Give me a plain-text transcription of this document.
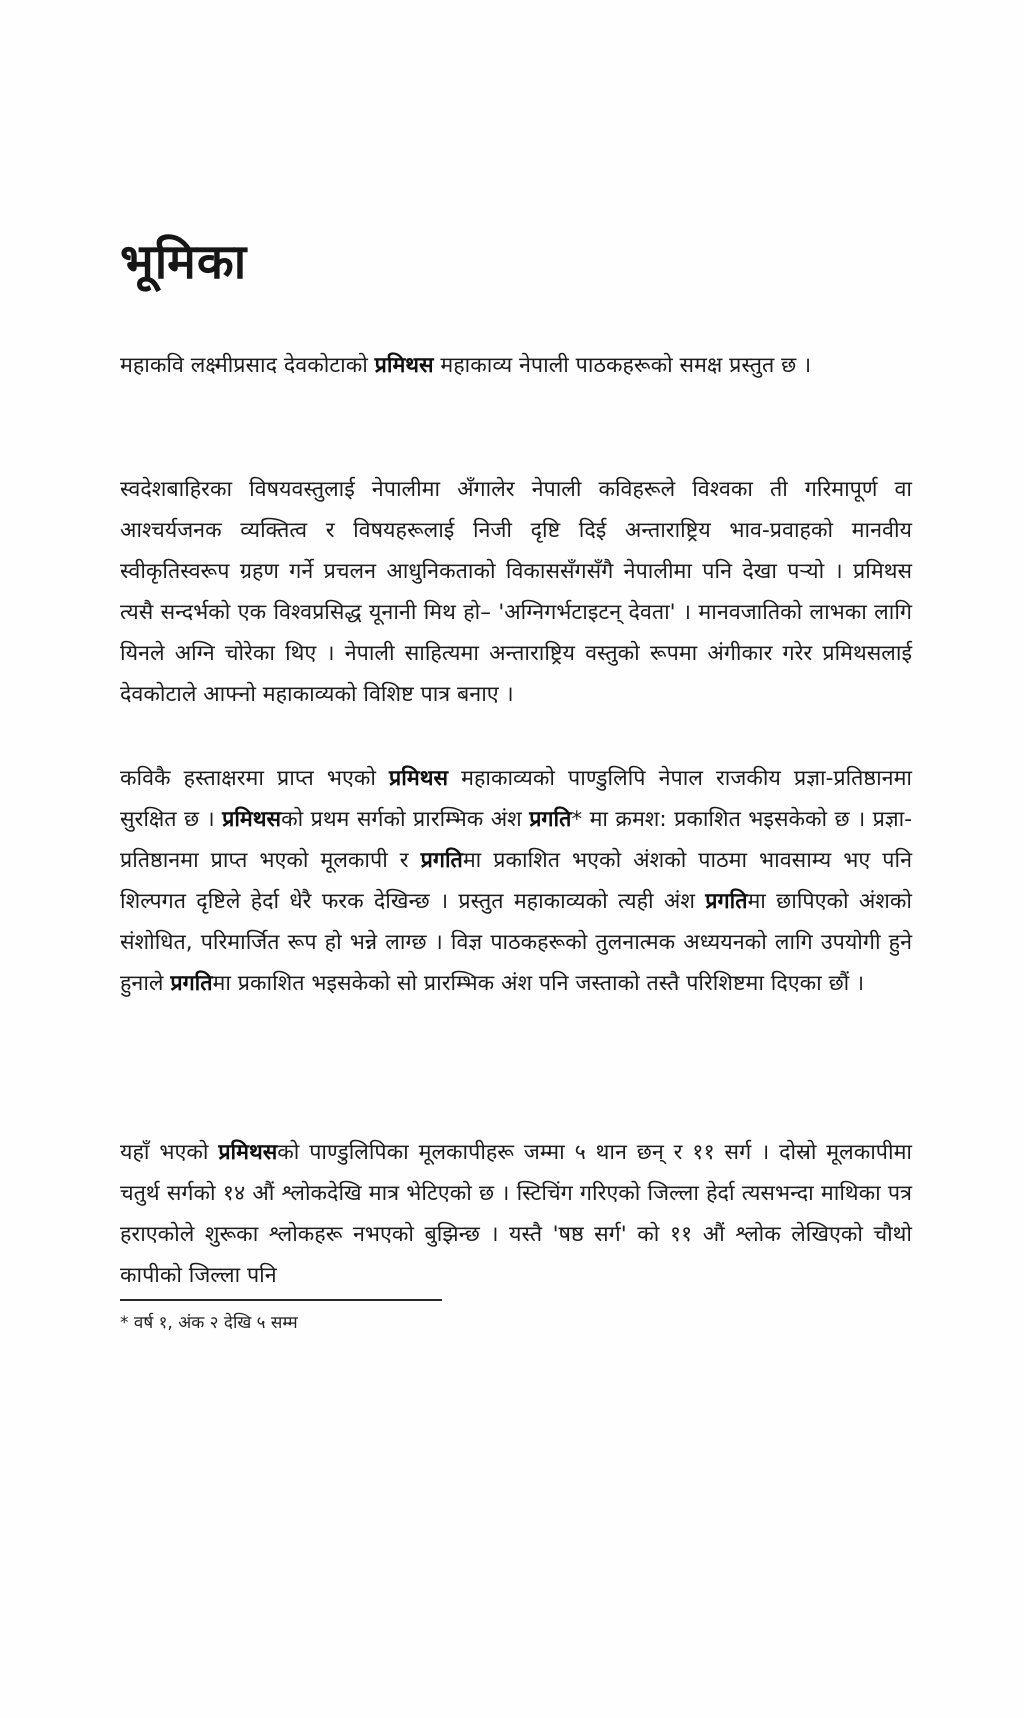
भूमिका

महाकवि लक्ष्मीप्रसाद देवकोटाको प्रमिथस महाकाव्य नेपाली पाठकहरूको समक्ष प्रस्तुत छ ।

स्वदेशबाहिरका विषयवस्तुलाई नेपालीमा अँगालेर नेपाली कविहरूले विश्वका ती गरिमापूर्ण वा आश्चर्यजनक व्यक्तित्व र विषयहरूलाई निजी दृष्टि दिई अन्ताराष्ट्रिय भाव-प्रवाहको मानवीय स्वीकृतिस्वरूप ग्रहण गर्ने प्रचलन आधुनिकताको विकाससँगसँगै नेपालीमा पनि देखा पऱ्यो । प्रमिथस त्यसै सन्दर्भको एक विश्वप्रसिद्ध यूनानी मिथ हो– 'अग्निगर्भटाइटन् देवता' । मानवजातिको लाभका लागि यिनले अग्नि चोरेका थिए । नेपाली साहित्यमा अन्ताराष्ट्रिय वस्तुको रूपमा अंगीकार गरेर प्रमिथसलाई देवकोटाले आफ्नो महाकाव्यको विशिष्ट पात्र बनाए ।

कविकै हस्ताक्षरमा प्राप्त भएको प्रमिथस महाकाव्यको पाण्डुलिपि नेपाल राजकीय प्रज्ञा-प्रतिष्ठानमा सुरक्षित छ । प्रमिथसको प्रथम सर्गको प्रारम्भिक अंश प्रगति* मा क्रमश: प्रकाशित भइसकेको छ । प्रज्ञा-प्रतिष्ठानमा प्राप्त भएको मूलकापी र प्रगतिमा प्रकाशित भएको अंशको पाठमा भावसाम्य भए पनि शिल्पगत दृष्टिले हेर्दा धेरै फरक देखिन्छ । प्रस्तुत महाकाव्यको त्यही अंश प्रगतिमा छापिएको अंशको संशोधित, परिमार्जित रूप हो भन्ने लाग्छ । विज्ञ पाठकहरूको तुलनात्मक अध्ययनको लागि उपयोगी हुने हुनाले प्रगतिमा प्रकाशित भइसकेको सो प्रारम्भिक अंश पनि जस्ताको तस्तै परिशिष्टमा दिएका छौं ।

यहाँ भएको प्रमिथसको पाण्डुलिपिका मूलकापीहरू जम्मा ५ थान छन् र ११ सर्ग । दोस्रो मूलकापीमा चतुर्थ सर्गको १४ औं श्लोकदेखि मात्र भेटिएको छ । स्टिचिंग गरिएको जिल्ला हेर्दा त्यसभन्दा माथिका पत्र हराएकोले शुरूका श्लोकहरू नभएको बुझिन्छ । यस्तै 'षष्ठ सर्ग' को ११ औं श्लोक लेखिएको चौथो कापीको जिल्ला पनि

* वर्ष १, अंक २ देखि ५ सम्म
